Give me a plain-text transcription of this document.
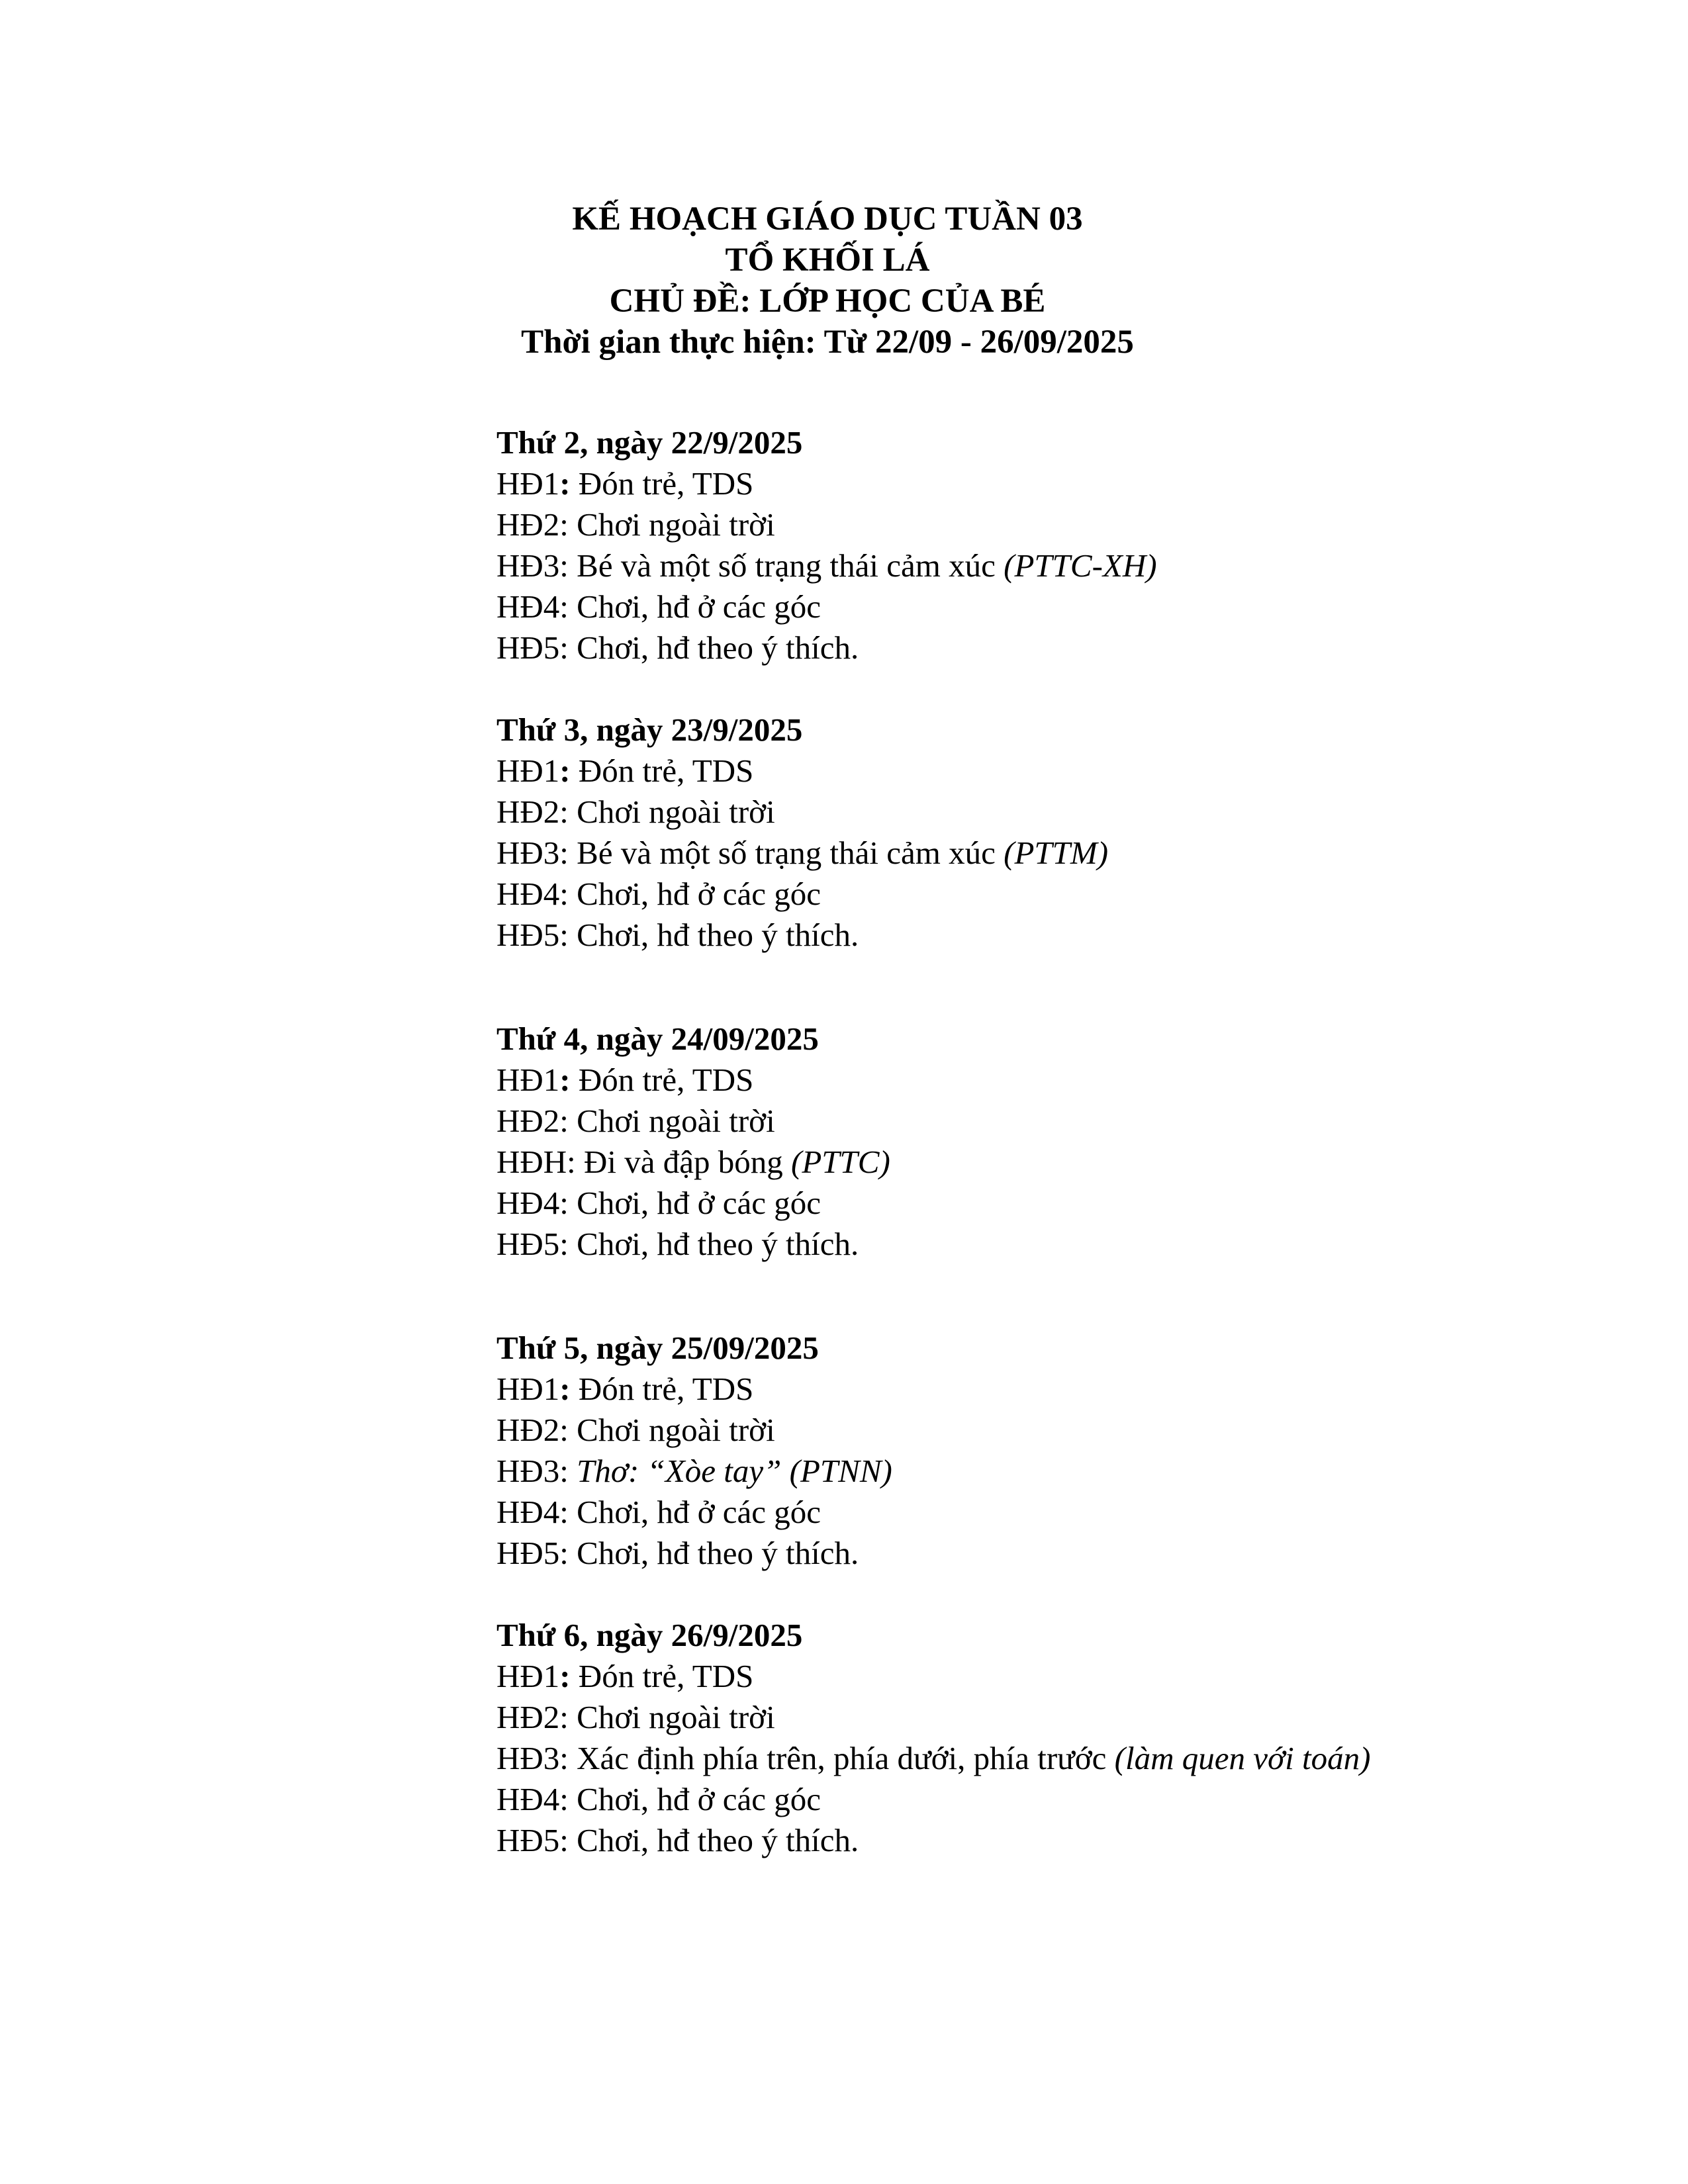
KẾ HOẠCH GIÁO DỤC TUẦN 03
TỔ KHỐI LÁ
CHỦ ĐỀ: LỚP HỌC CỦA BÉ
Thời gian thực hiện: Từ 22/09 - 26/09/2025
Thứ 2, ngày 22/9/2025
HĐ1: Đón trẻ, TDS
HĐ2: Chơi ngoài trời
HĐ3: Bé và một số trạng thái cảm xúc (PTTC-XH)
HĐ4: Chơi, hđ ở các góc
HĐ5: Chơi, hđ theo ý thích.
Thứ 3, ngày 23/9/2025
HĐ1: Đón trẻ, TDS
HĐ2: Chơi ngoài trời
HĐ3: Bé và một số trạng thái cảm xúc (PTTM)
HĐ4: Chơi, hđ ở các góc
HĐ5: Chơi, hđ theo ý thích.
Thứ 4, ngày 24/09/2025
HĐ1: Đón trẻ, TDS
HĐ2: Chơi ngoài trời
HĐH: Đi và đập bóng (PTTC)
HĐ4: Chơi, hđ ở các góc
HĐ5: Chơi, hđ theo ý thích.
Thứ 5, ngày 25/09/2025
HĐ1: Đón trẻ, TDS
HĐ2: Chơi ngoài trời
HĐ3: Thơ: “Xòe tay” (PTNN)
HĐ4: Chơi, hđ ở các góc
HĐ5: Chơi, hđ theo ý thích.
Thứ 6, ngày 26/9/2025
HĐ1: Đón trẻ, TDS
HĐ2: Chơi ngoài trời
HĐ3: Xác định phía trên, phía dưới, phía trước (làm quen với toán)
HĐ4: Chơi, hđ ở các góc
HĐ5: Chơi, hđ theo ý thích.
